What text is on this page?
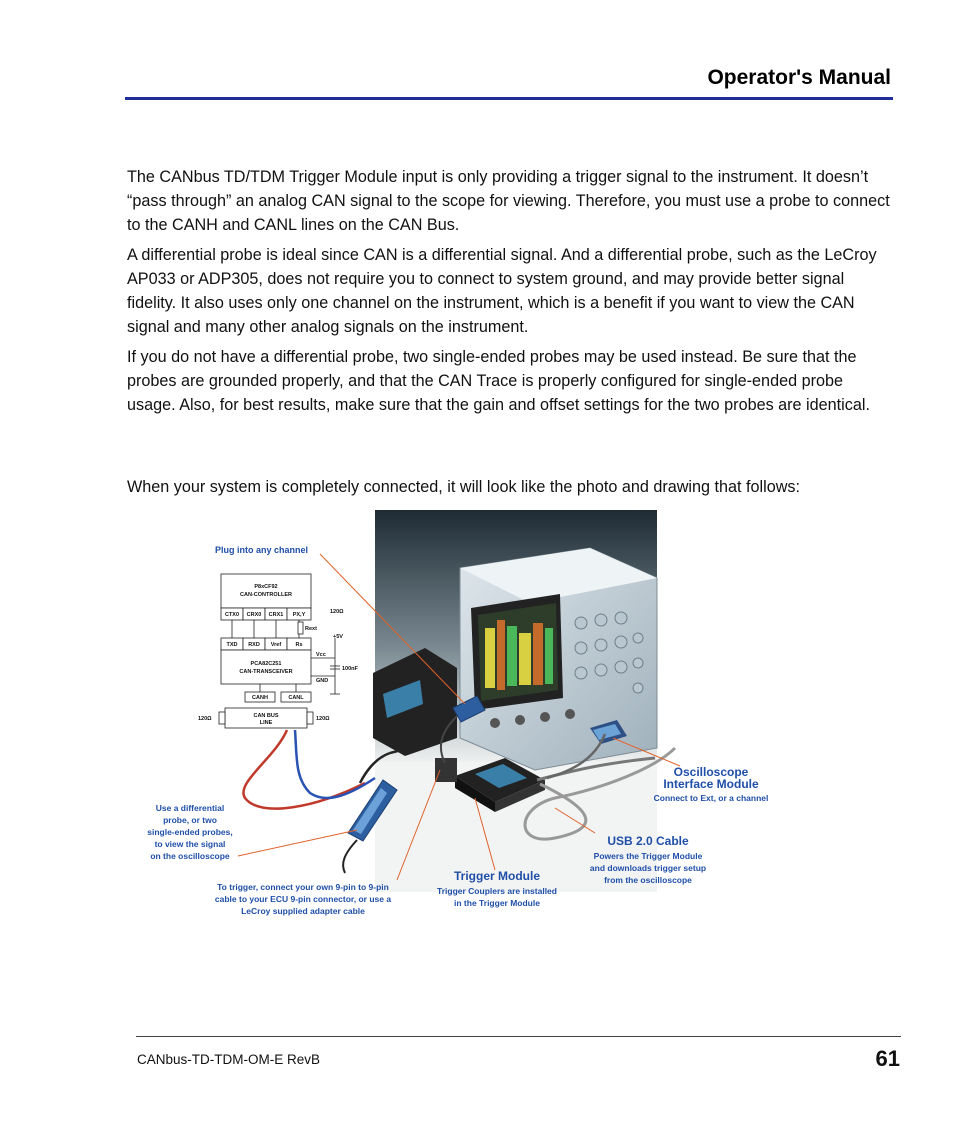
Operator's Manual

The CANbus TD/TDM Trigger Module input is only providing a trigger signal to the instrument. It doesn’t “pass through” an analog CAN signal to the scope for viewing. Therefore, you must use a probe to connect to the CANH and CANL lines on the CAN Bus.

A differential probe is ideal since CAN is a differential signal. And a differential probe, such as the LeCroy AP033 or ADP305, does not require you to connect to system ground, and may provide better signal fidelity. It also uses only one channel on the instrument, which is a benefit if you want to view the CAN signal and many other analog signals on the instrument.

If you do not have a differential probe, two single-ended probes may be used instead. Be sure that the probes are grounded properly, and that the CAN Trace is properly configured for single-ended probe usage. Also, for best results, make sure that the gain and offset settings for the two probes are identical.

When your system is completely connected, it will look like the photo and drawing that follows:

P8xCF92
CAN-CONTROLLER
CTX0 CRX0 CRX1 PX,Y
TXD RXD Vref	Rs
Rext
120Ω
+5V
Vcc
100nF
GND
PCA82C251
CAN-TRANSCEIVER
CANH	CANL
CAN BUS
LINE
120Ω	120Ω
Plug into any channel
Use a differential
probe, or two
single-ended probes,
to view the signal
on the oscilloscope
To trigger, connect your own 9-pin to 9-pin
cable to your ECU 9-pin connector, or use a
LeCroy supplied adapter cable
Trigger Module
Trigger Couplers are installed
in the Trigger Module
USB 2.0 Cable
Powers the Trigger Module
and downloads trigger setup
from the oscilloscope
Oscilloscope
Interface Module
Connect to Ext, or a channel
CANbus-TD-TDM-OM-E RevB	61
